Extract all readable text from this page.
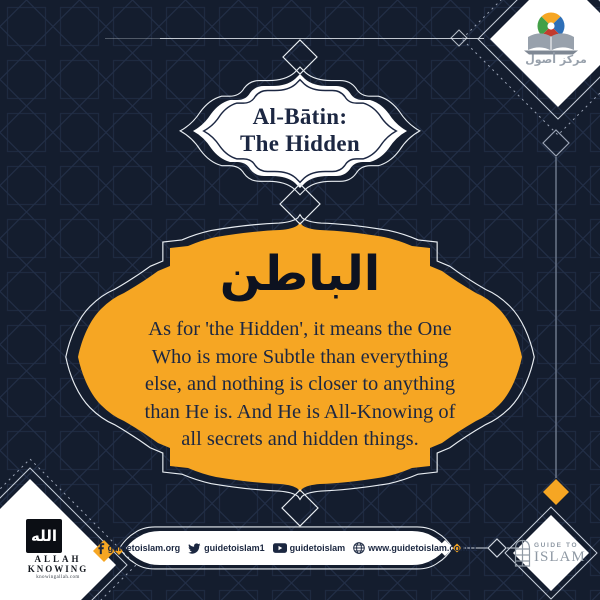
Al-Bātin:
The Hidden
الباطن
As for 'the Hidden', it means the One
Who is more Subtle than everything
else, and nothing is closer to anything
than He is. And He is All-Knowing of
all secrets and hidden things.
guidetoislam.org	guidetoislam1	guidetoislam	www.guidetoislam.com11
مركز أصول
الله
ALLAH
KNOWING
knowingallah.com
GUIDE TO
ISLAM
